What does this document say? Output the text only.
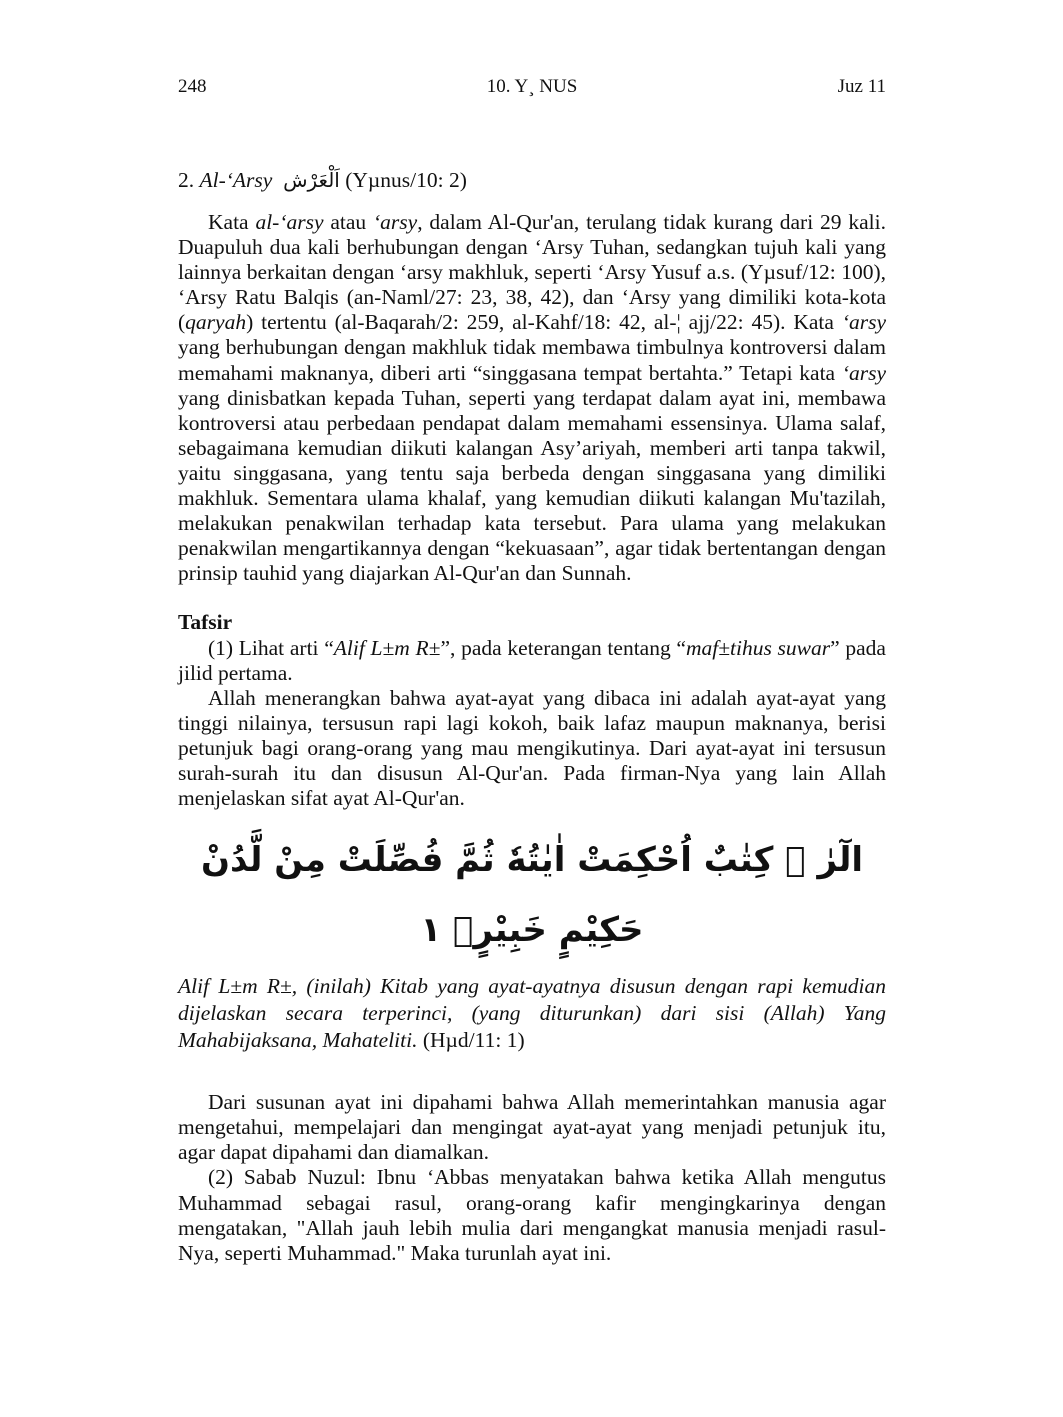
248	10. Y¸ NUS	Juz 11
2. Al-‘Arsy اَلْعَرْش (Yµnus/10: 2)

Kata al-‘arsy atau ‘arsy, dalam Al-Qur'an, terulang tidak kurang dari 29 kali. Duapuluh dua kali berhubungan dengan ‘Arsy Tuhan, sedangkan tujuh kali yang lainnya berkaitan dengan ‘arsy makhluk, seperti ‘Arsy Yusuf a.s. (Yµsuf/12: 100), ‘Arsy Ratu Balqis (an-Naml/27: 23, 38, 42), dan ‘Arsy yang dimiliki kota-kota (qaryah) tertentu (al-Baqarah/2: 259, al-Kahf/18: 42, al-¦ ajj/22: 45). Kata ‘arsy yang berhubungan dengan makhluk tidak membawa timbulnya kontroversi dalam memahami maknanya, diberi arti “singgasana tempat bertahta.” Tetapi kata ‘arsy yang dinisbatkan kepada Tuhan, seperti yang terdapat dalam ayat ini, membawa kontroversi atau perbedaan pendapat dalam memahami essensinya. Ulama salaf, sebagaimana kemudian diikuti kalangan Asy’ariyah, memberi arti tanpa takwil, yaitu singgasana, yang tentu saja berbeda dengan singgasana yang dimiliki makhluk. Sementara ulama khalaf, yang kemudian diikuti kalangan Mu'tazilah, melakukan penakwilan terhadap kata tersebut. Para ulama yang melakukan penakwilan mengartikannya dengan “kekuasaan”, agar tidak bertentangan dengan prinsip tauhid yang diajarkan Al-Qur'an dan Sunnah.

Tafsir

(1) Lihat arti “Alif L±m R±”, pada keterangan tentang “maf±tihus suwar” pada jilid pertama.

Allah menerangkan bahwa ayat-ayat yang dibaca ini adalah ayat-ayat yang tinggi nilainya, tersusun rapi lagi kokoh, baik lafaz maupun maknanya, berisi petunjuk bagi orang-orang yang mau mengikutinya. Dari ayat-ayat ini tersusun surah-surah itu dan disusun Al-Qur'an. Pada firman-Nya yang lain Allah menjelaskan sifat ayat Al-Qur'an.

الٓرٰ ۚ كِتٰبٌ اُحْكِمَتْ اٰيٰتُهٗ ثُمَّ فُصِّلَتْ مِنْ لَّدُنْ حَكِيْمٍ خَبِيْرٍۙ ١

Alif L±m R±, (inilah) Kitab yang ayat-ayatnya disusun dengan rapi kemudian dijelaskan secara terperinci, (yang diturunkan) dari sisi (Allah) Yang Mahabijaksana, Mahateliti. (Hµd/11: 1)

Dari susunan ayat ini dipahami bahwa Allah memerintahkan manusia agar mengetahui, mempelajari dan mengingat ayat-ayat yang menjadi petunjuk itu, agar dapat dipahami dan diamalkan.

(2) Sabab Nuzul: Ibnu ‘Abbas menyatakan bahwa ketika Allah mengutus Muhammad sebagai rasul, orang-orang kafir mengingkarinya dengan mengatakan, "Allah jauh lebih mulia dari mengangkat manusia menjadi rasul-Nya, seperti Muhammad." Maka turunlah ayat ini.
